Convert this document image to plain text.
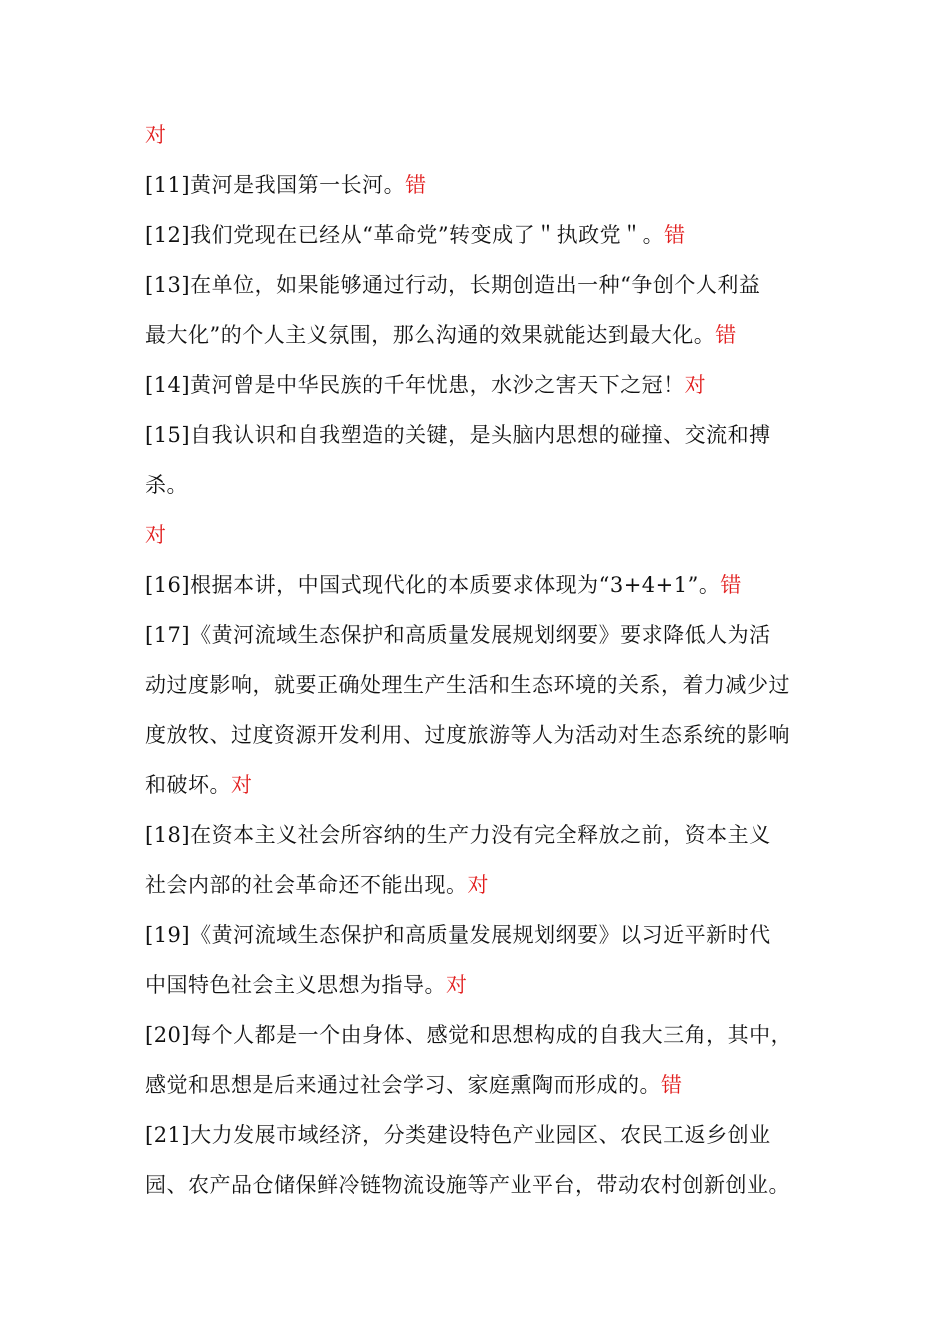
对
[11]黄河是我国第一长河。错
[12]我们党现在已经从“革命党”转变成了＂执政党＂。错
[13]在单位，如果能够通过行动，长期创造出一种“争创个人利益
最大化”的个人主义氛围，那么沟通的效果就能达到最大化。错
[14]黄河曾是中华民族的千年忧患，水沙之害天下之冠！对
[15]自我认识和自我塑造的关键，是头脑内思想的碰撞、交流和搏
杀。
对
[16]根据本讲，中国式现代化的本质要求体现为“3+4+1”。错
[17]《黄河流域生态保护和高质量发展规划纲要》要求降低人为活
动过度影响，就要正确处理生产生活和生态环境的关系，着力减少过
度放牧、过度资源开发利用、过度旅游等人为活动对生态系统的影响
和破坏。对
[18]在资本主义社会所容纳的生产力没有完全释放之前，资本主义
社会内部的社会革命还不能出现。对
[19]《黄河流域生态保护和高质量发展规划纲要》以习近平新时代
中国特色社会主义思想为指导。对
[20]每个人都是一个由身体、感觉和思想构成的自我大三角，其中，
感觉和思想是后来通过社会学习、家庭熏陶而形成的。错
[21]大力发展市域经济，分类建设特色产业园区、农民工返乡创业
园、农产品仓储保鲜冷链物流设施等产业平台，带动农村创新创业。
